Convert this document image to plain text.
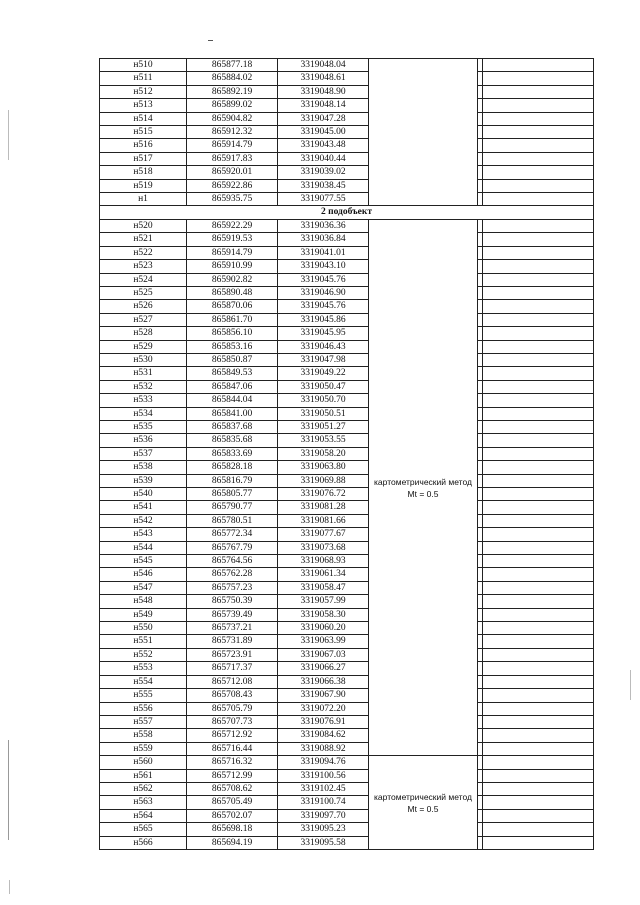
н510	865877.18	3319048.04			
н511	865884.02	3319048.61			
н512	865892.19	3319048.90			
н513	865899.02	3319048.14			
н514	865904.82	3319047.28			
н515	865912.32	3319045.00			
н516	865914.79	3319043.48			
н517	865917.83	3319040.44			
н518	865920.01	3319039.02			
н519	865922.86	3319038.45			
н1	865935.75	3319077.55			
2 подобъект					
н520	865922.29	3319036.36	картометрический метод Mt = 0.5		
н521	865919.53	3319036.84			
н522	865914.79	3319041.01			
н523	865910.99	3319043.10			
н524	865902.82	3319045.76			
н525	865890.48	3319046.90			
н526	865870.06	3319045.76			
н527	865861.70	3319045.86			
н528	865856.10	3319045.95			
н529	865853.16	3319046.43			
н530	865850.87	3319047.98			
н531	865849.53	3319049.22			
н532	865847.06	3319050.47			
н533	865844.04	3319050.70			
н534	865841.00	3319050.51			
н535	865837.68	3319051.27			
н536	865835.68	3319053.55			
н537	865833.69	3319058.20			
н538	865828.18	3319063.80			
н539	865816.79	3319069.88			
н540	865805.77	3319076.72			
н541	865790.77	3319081.28			
н542	865780.51	3319081.66			
н543	865772.34	3319077.67			
н544	865767.79	3319073.68			
н545	865764.56	3319068.93			
н546	865762.28	3319061.34			
н547	865757.23	3319058.47			
н548	865750.39	3319057.99			
н549	865739.49	3319058.30			
н550	865737.21	3319060.20			
н551	865731.89	3319063.99			
н552	865723.91	3319067.03			
н553	865717.37	3319066.27			
н554	865712.08	3319066.38			
н555	865708.43	3319067.90			
н556	865705.79	3319072.20			
н557	865707.73	3319076.91			
н558	865712.92	3319084.62			
н559	865716.44	3319088.92			
н560	865716.32	3319094.76	картометрический метод Mt = 0.5		
н561	865712.99	3319100.56			
н562	865708.62	3319102.45			
н563	865705.49	3319100.74			
н564	865702.07	3319097.70			
н565	865698.18	3319095.23			
н566	865694.19	3319095.58			
